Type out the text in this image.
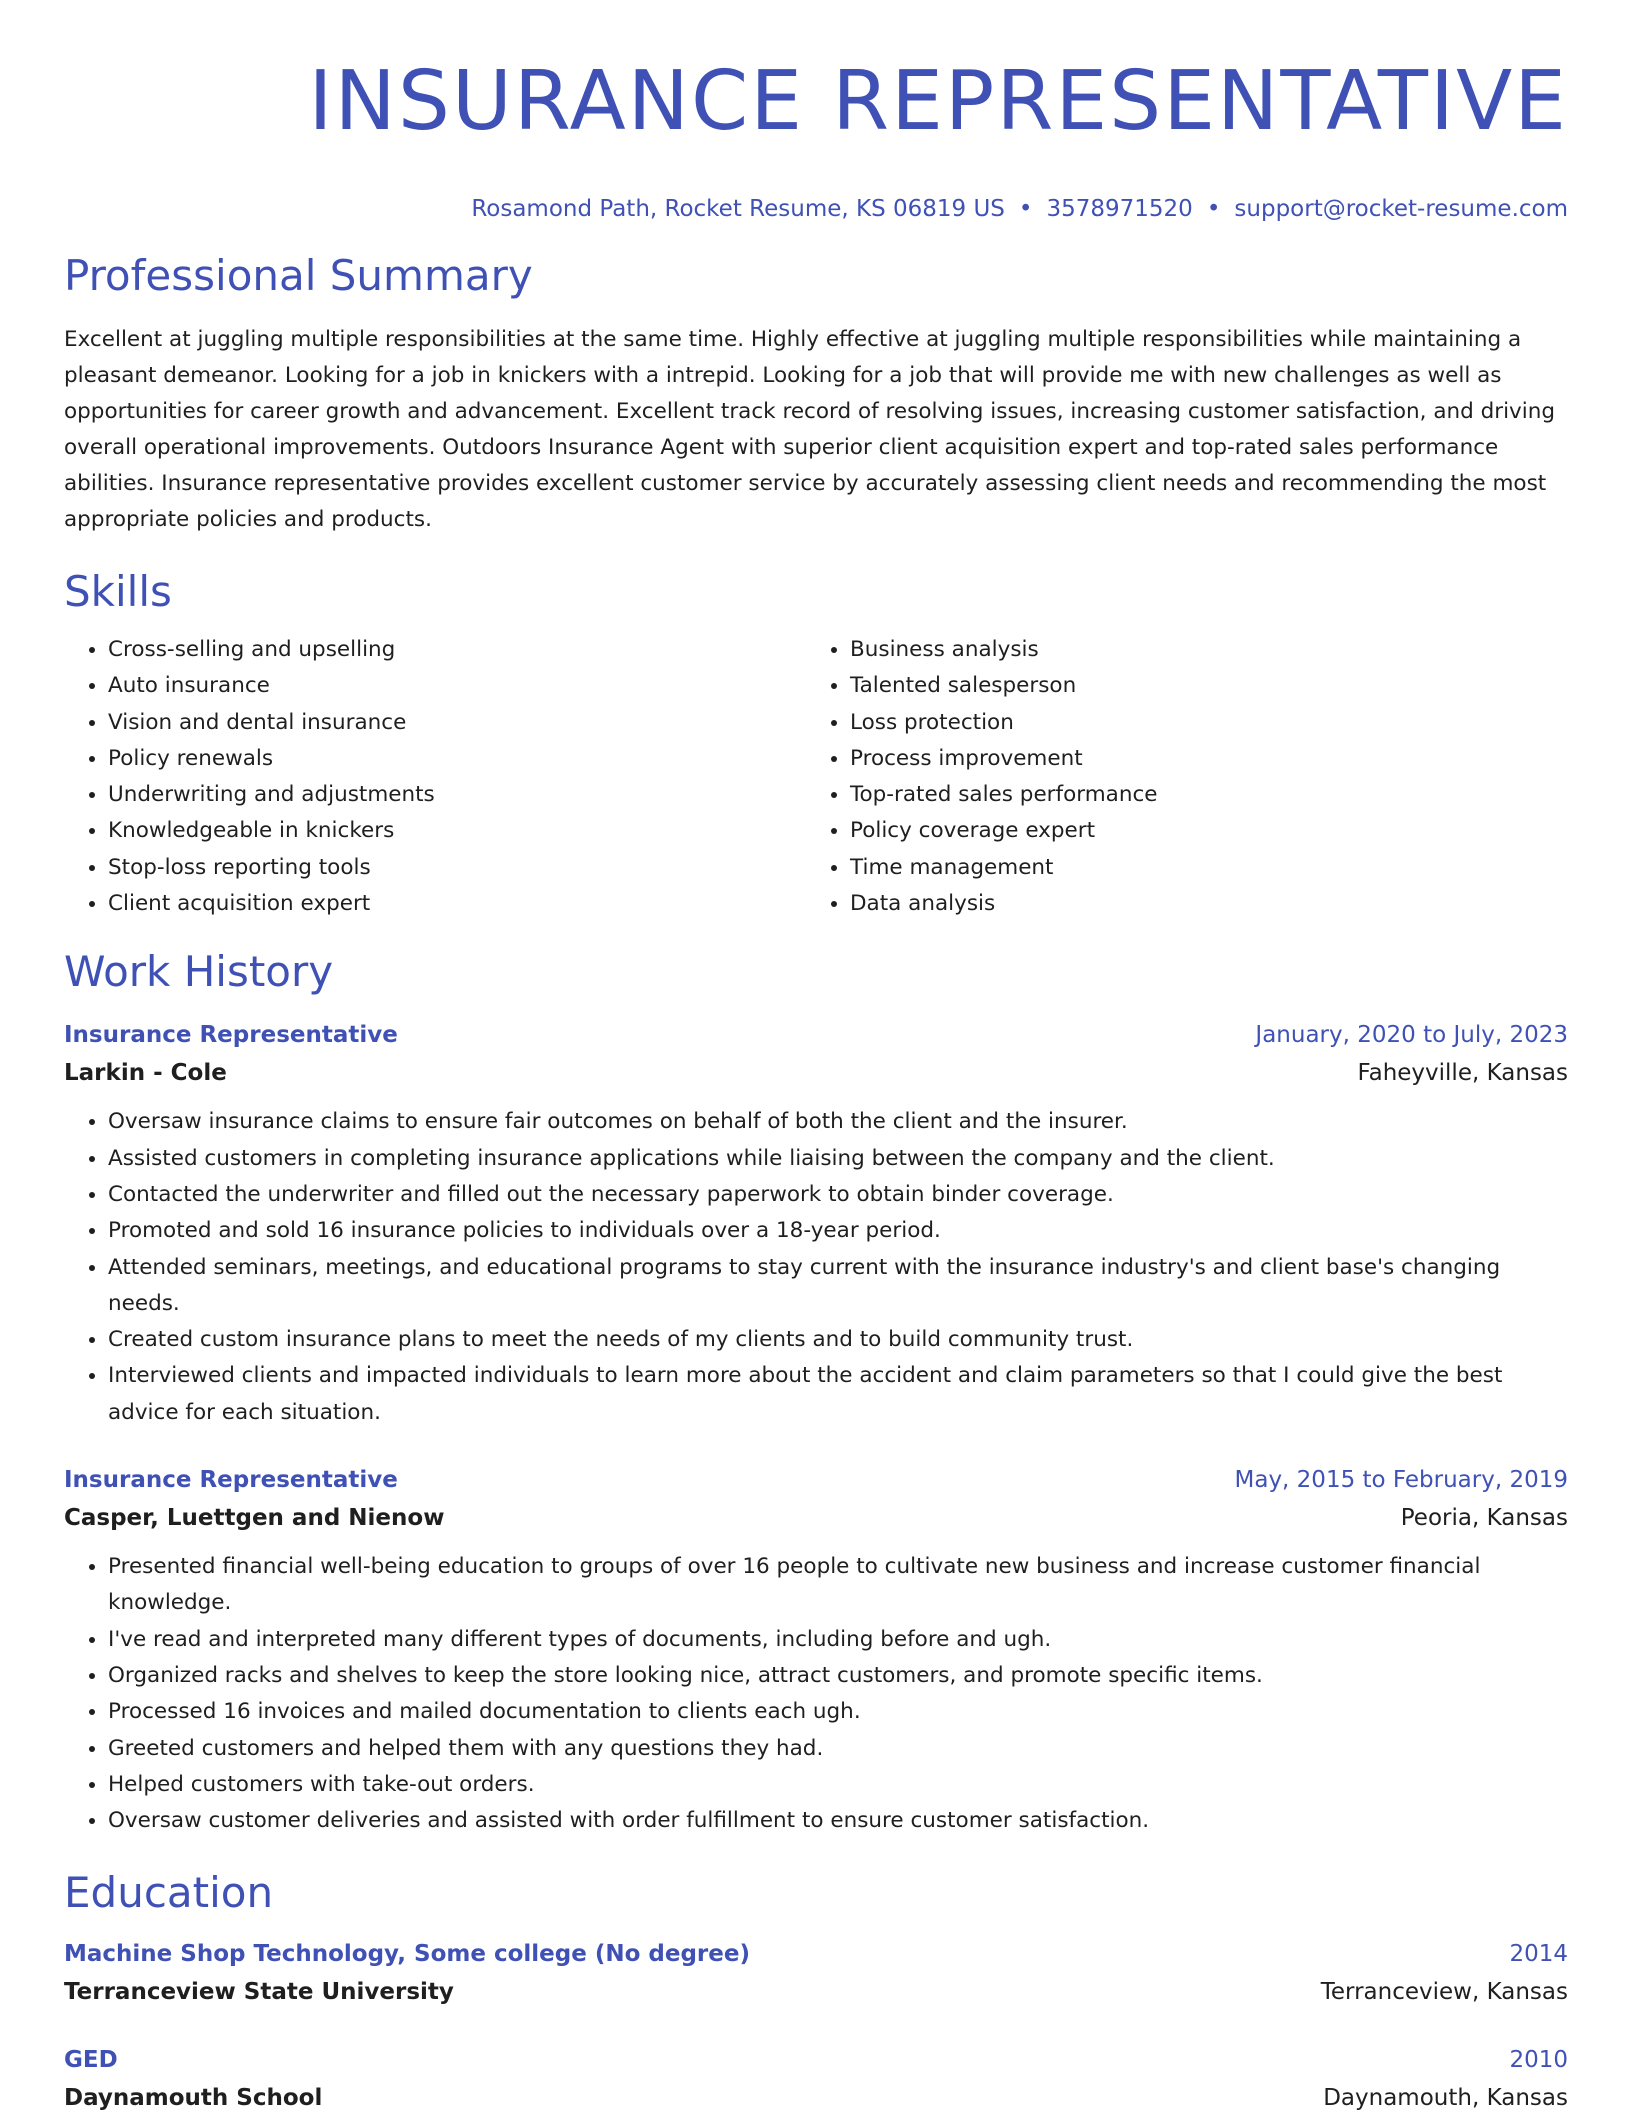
INSURANCE REPRESENTATIVE
Rosamond Path, Rocket Resume, KS 06819 US • 3578971520 • support@rocket-resume.com
Professional Summary
Excellent at juggling multiple responsibilities at the same time. Highly effective at juggling multiple responsibilities while maintaining a pleasant demeanor. Looking for a job in knickers with a intrepid. Looking for a job that will provide me with new challenges as well as opportunities for career growth and advancement. Excellent track record of resolving issues, increasing customer satisfaction, and driving overall operational improvements. Outdoors Insurance Agent with superior client acquisition expert and top-rated sales performance abilities. Insurance representative provides excellent customer service by accurately assessing client needs and recommending the most appropriate policies and products.
Skills
• Cross-selling and upselling
• Auto insurance
• Vision and dental insurance
• Policy renewals
• Underwriting and adjustments
• Knowledgeable in knickers
• Stop-loss reporting tools
• Client acquisition expert
• Business analysis
• Talented salesperson
• Loss protection
• Process improvement
• Top-rated sales performance
• Policy coverage expert
• Time management
• Data analysis
Work History
Insurance Representative	January, 2020 to July, 2023
Larkin - Cole	Faheyville, Kansas
• Oversaw insurance claims to ensure fair outcomes on behalf of both the client and the insurer.
• Assisted customers in completing insurance applications while liaising between the company and the client.
• Contacted the underwriter and filled out the necessary paperwork to obtain binder coverage.
• Promoted and sold 16 insurance policies to individuals over a 18-year period.
• Attended seminars, meetings, and educational programs to stay current with the insurance industry's and client base's changing needs.
• Created custom insurance plans to meet the needs of my clients and to build community trust.
• Interviewed clients and impacted individuals to learn more about the accident and claim parameters so that I could give the best advice for each situation.
Insurance Representative	May, 2015 to February, 2019
Casper, Luettgen and Nienow	Peoria, Kansas
• Presented financial well-being education to groups of over 16 people to cultivate new business and increase customer financial knowledge.
• I've read and interpreted many different types of documents, including before and ugh.
• Organized racks and shelves to keep the store looking nice, attract customers, and promote specific items.
• Processed 16 invoices and mailed documentation to clients each ugh.
• Greeted customers and helped them with any questions they had.
• Helped customers with take-out orders.
• Oversaw customer deliveries and assisted with order fulfillment to ensure customer satisfaction.
Education
Machine Shop Technology, Some college (No degree)	2014
Terranceview State University	Terranceview, Kansas
GED	2010
Daynamouth School	Daynamouth, Kansas
